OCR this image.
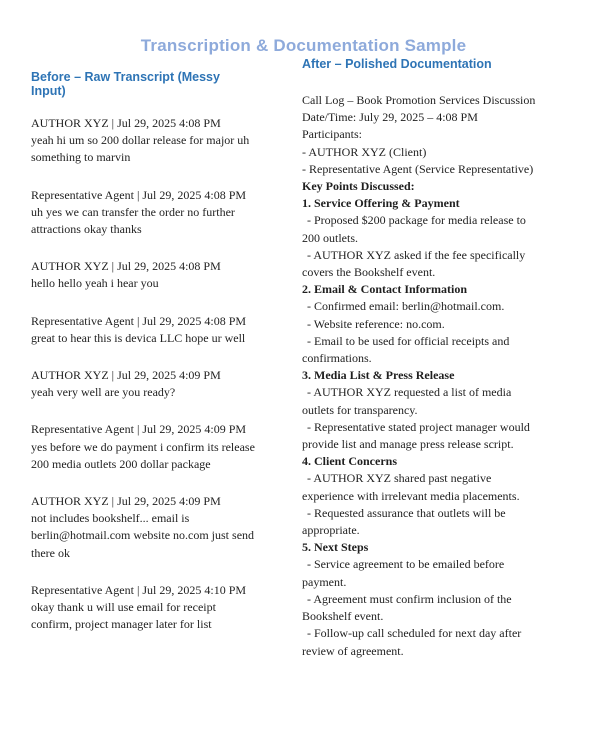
Transcription & Documentation Sample
Before – Raw Transcript (Messy Input)
AUTHOR XYZ | Jul 29, 2025 4:08 PM
yeah hi um so 200 dollar release for major uh something to marvin
Representative Agent | Jul 29, 2025 4:08 PM
uh yes we can transfer the order no further attractions okay thanks
AUTHOR XYZ | Jul 29, 2025 4:08 PM
hello hello yeah i hear you
Representative Agent | Jul 29, 2025 4:08 PM
great to hear this is devica LLC hope ur well
AUTHOR XYZ | Jul 29, 2025 4:09 PM
yeah very well are you ready?
Representative Agent | Jul 29, 2025 4:09 PM
yes before we do payment i confirm its release 200 media outlets 200 dollar package
AUTHOR XYZ | Jul 29, 2025 4:09 PM
not includes bookshelf... email is berlin@hotmail.com website no.com just send there ok
Representative Agent | Jul 29, 2025 4:10 PM
okay thank u will use email for receipt confirm, project manager later for list
After – Polished Documentation

Call Log – Book Promotion Services Discussion

Date/Time: July 29, 2025 – 4:08 PM

Participants:

- AUTHOR XYZ (Client)

- Representative Agent (Service Representative)

Key Points Discussed:

1. Service Offering & Payment

- Proposed $200 package for media release to 200 outlets.

- AUTHOR XYZ asked if the fee specifically covers the Bookshelf event.

2. Email & Contact Information

- Confirmed email: berlin@hotmail.com.

- Website reference: no.com.

- Email to be used for official receipts and confirmations.

3. Media List & Press Release

- AUTHOR XYZ requested a list of media outlets for transparency.

- Representative stated project manager would provide list and manage press release script.

4. Client Concerns

- AUTHOR XYZ shared past negative experience with irrelevant media placements.

- Requested assurance that outlets will be appropriate.

5. Next Steps

- Service agreement to be emailed before payment.

- Agreement must confirm inclusion of the Bookshelf event.

- Follow-up call scheduled for next day after review of agreement.
